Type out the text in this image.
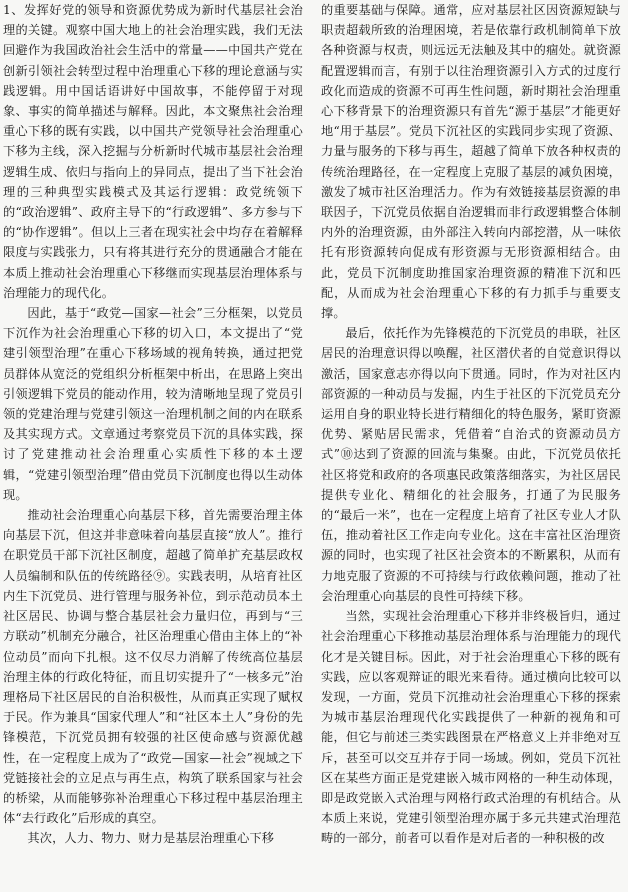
1、发挥好党的领导和资源优势成为新时代基层社会治理的关键。观察中国大地上的社会治理实践，我们无法回避作为我国政治社会生活中的常量——中国共产党在创新引领社会转型过程中治理重心下移的理论意涵与实践逻辑。用中国话语讲好中国故事，不能停留于对现象、事实的简单描述与解释。因此，本文聚焦社会治理重心下移的既有实践，以中国共产党领导社会治理重心下移为主线，深入挖掘与分析新时代城市基层社会治理逻辑生成、依归与指向上的异同点，提出了当下社会治理的三种典型实践模式及其运行逻辑：政党统领下的“政治逻辑”、政府主导下的“行政逻辑”、多方参与下的“协作逻辑”。但以上三者在现实社会中均存在着解释限度与实践张力，只有将其进行充分的贯通融合才能在本质上推动社会治理重心下移继而实现基层治理体系与治理能力的现代化。

因此，基于“政党—国家—社会”三分框架，以党员下沉作为社会治理重心下移的切入口，本文提出了“党建引领型治理”在重心下移场域的视角转换，通过把党员群体从宽泛的党组织分析框架中析出，在思路上突出引领逻辑下党员的能动作用，较为清晰地呈现了党员引领的党建治理与党建引领这一治理机制之间的内在联系及其实现方式。文章通过考察党员下沉的具体实践，探讨了党建推动社会治理重心实质性下移的本土逻辑，“党建引领型治理”借由党员下沉制度也得以生动体现。

推动社会治理重心向基层下移，首先需要治理主体向基层下沉，但这并非意味着向基层直接“放人”。推行在职党员干部下沉社区制度，超越了简单扩充基层政权人员编制和队伍的传统路径⑨。实践表明，从培育社区内生下沉党员、进行管理与服务补位，到示范动员本土社区居民、协调与整合基层社会力量归位，再到与“三方联动”机制充分融合，社区治理重心借由主体上的“补位动员”而向下扎根。这不仅尽力消解了传统高位基层治理主体的行政化特征，而且切实提升了“一核多元”治理格局下社区居民的自治积极性，从而真正实现了赋权于民。作为兼具“国家代理人”和“社区本土人”身份的先锋模范，下沉党员拥有较强的社区使命感与资源优越性，在一定程度上成为了“政党—国家—社会”视域之下党链接社会的立足点与再生点，构筑了联系国家与社会的桥梁，从而能够弥补治理重心下移过程中基层治理主体“去行政化”后形成的真空。

其次，人力、物力、财力是基层治理重心下移

的重要基础与保障。通常，应对基层社区因资源短缺与职责超载所致的治理困境，若是依靠行政机制简单下放各种资源与权责，则远远无法触及其中的痼处。就资源配置逻辑而言，有别于以往治理资源引入方式的过度行政化而造成的资源不可再生性问题，新时期社会治理重心下移背景下的治理资源只有首先“源于基层”才能更好地“用于基层”。党员下沉社区的实践同步实现了资源、力量与服务的下移与再生，超越了简单下放各种权责的传统治理路径，在一定程度上克服了基层的减负困境，激发了城市社区治理活力。作为有效链接基层资源的串联因子，下沉党员依据自治逻辑而非行政逻辑整合体制内外的治理资源，由外部注入转向内部挖潜，从一味依托有形资源转向促成有形资源与无形资源相结合。由此，党员下沉制度助推国家治理资源的精准下沉和匹配，从而成为社会治理重心下移的有力抓手与重要支撑。

最后，依托作为先锋模范的下沉党员的串联，社区居民的治理意识得以唤醒，社区潜伏者的自觉意识得以激活，国家意志亦得以向下贯通。同时，作为对社区内部资源的一种动员与发掘，内生于社区的下沉党员充分运用自身的职业特长进行精细化的特色服务，紧盯资源优势、紧贴居民需求，凭借着“自治式的资源动员方式”⑩达到了资源的回流与集聚。由此，下沉党员依托社区将党和政府的各项惠民政策落细落实，为社区居民提供专业化、精细化的社会服务，打通了为民服务的“最后一米”，也在一定程度上培育了社区专业人才队伍，推动着社区工作走向专业化。这在丰富社区治理资源的同时，也实现了社区社会资本的不断累积，从而有力地克服了资源的不可持续与行政依赖问题，推动了社会治理重心向基层的良性可持续下移。

当然，实现社会治理重心下移并非终极旨归，通过社会治理重心下移推动基层治理体系与治理能力的现代化才是关键目标。因此，对于社会治理重心下移的既有实践，应以客观辩证的眼光来看待。通过横向比较可以发现，一方面，党员下沉推动社会治理重心下移的探索为城市基层治理现代化实践提供了一种新的视角和可能，但它与前述三类实践图景在严格意义上并非绝对互斥，甚至可以交互并存于同一场域。例如，党员下沉社区在某些方面正是党建嵌入城市网格的一种生动体现，即是政党嵌入式治理与网格行政式治理的有机结合。从本质上来说，党建引领型治理亦属于多元共建式治理范畴的一部分，前者可以看作是对后者的一种积极的改
